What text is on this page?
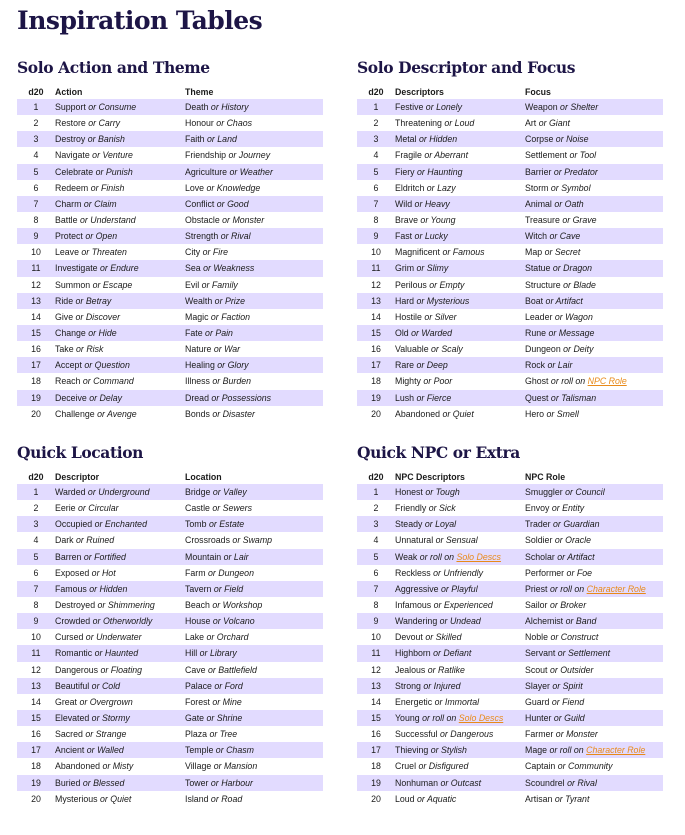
Inspiration Tables
Solo Action and Theme
d20	Action	Theme
1	Support or Consume	Death or History
2	Restore or Carry	Honour or Chaos
3	Destroy or Banish	Faith or Land
4	Navigate or Venture	Friendship or Journey
5	Celebrate or Punish	Agriculture or Weather
6	Redeem or Finish	Love or Knowledge
7	Charm or Claim	Conflict or Good
8	Battle or Understand	Obstacle or Monster
9	Protect or Open	Strength or Rival
10	Leave or Threaten	City or Fire
11	Investigate or Endure	Sea or Weakness
12	Summon or Escape	Evil or Family
13	Ride or Betray	Wealth or Prize
14	Give or Discover	Magic or Faction
15	Change or Hide	Fate or Pain
16	Take or Risk	Nature or War
17	Accept or Question	Healing or Glory
18	Reach or Command	Illness or Burden
19	Deceive or Delay	Dread or Possessions
20	Challenge or Avenge	Bonds or Disaster
Solo Descriptor and Focus
d20	Descriptors	Focus
1	Festive or Lonely	Weapon or Shelter
2	Threatening or Loud	Art or Giant
3	Metal or Hidden	Corpse or Noise
4	Fragile or Aberrant	Settlement or Tool
5	Fiery or Haunting	Barrier or Predator
6	Eldritch or Lazy	Storm or Symbol
7	Wild or Heavy	Animal or Oath
8	Brave or Young	Treasure or Grave
9	Fast or Lucky	Witch or Cave
10	Magnificent or Famous	Map or Secret
11	Grim or Slimy	Statue or Dragon
12	Perilous or Empty	Structure or Blade
13	Hard or Mysterious	Boat or Artifact
14	Hostile or Silver	Leader or Wagon
15	Old or Warded	Rune or Message
16	Valuable or Scaly	Dungeon or Deity
17	Rare or Deep	Rock or Lair
18	Mighty or Poor	Ghost or roll on NPC Role
19	Lush or Fierce	Quest or Talisman
20	Abandoned or Quiet	Hero or Smell
Quick Location
d20	Descriptor	Location
1	Warded or Underground	Bridge or Valley
2	Eerie or Circular	Castle or Sewers
3	Occupied or Enchanted	Tomb or Estate
4	Dark or Ruined	Crossroads or Swamp
5	Barren or Fortified	Mountain or Lair
6	Exposed or Hot	Farm or Dungeon
7	Famous or Hidden	Tavern or Field
8	Destroyed or Shimmering	Beach or Workshop
9	Crowded or Otherworldly	House or Volcano
10	Cursed or Underwater	Lake or Orchard
11	Romantic or Haunted	Hill or Library
12	Dangerous or Floating	Cave or Battlefield
13	Beautiful or Cold	Palace or Ford
14	Great or Overgrown	Forest or Mine
15	Elevated or Stormy	Gate or Shrine
16	Sacred or Strange	Plaza or Tree
17	Ancient or Walled	Temple or Chasm
18	Abandoned or Misty	Village or Mansion
19	Buried or Blessed	Tower or Harbour
20	Mysterious or Quiet	Island or Road
Quick NPC or Extra
d20	NPC Descriptors	NPC Role
1	Honest or Tough	Smuggler or Council
2	Friendly or Sick	Envoy or Entity
3	Steady or Loyal	Trader or Guardian
4	Unnatural or Sensual	Soldier or Oracle
5	Weak or roll on Solo Descs	Scholar or Artifact
6	Reckless or Unfriendly	Performer or Foe
7	Aggressive or Playful	Priest or roll on Character Role
8	Infamous or Experienced	Sailor or Broker
9	Wandering or Undead	Alchemist or Band
10	Devout or Skilled	Noble or Construct
11	Highborn or Defiant	Servant or Settlement
12	Jealous or Ratlike	Scout or Outsider
13	Strong or Injured	Slayer or Spirit
14	Energetic or Immortal	Guard or Fiend
15	Young or roll on Solo Descs	Hunter or Guild
16	Successful or Dangerous	Farmer or Monster
17	Thieving or Stylish	Mage or roll on Character Role
18	Cruel or Disfigured	Captain or Community
19	Nonhuman or Outcast	Scoundrel or Rival
20	Loud or Aquatic	Artisan or Tyrant
